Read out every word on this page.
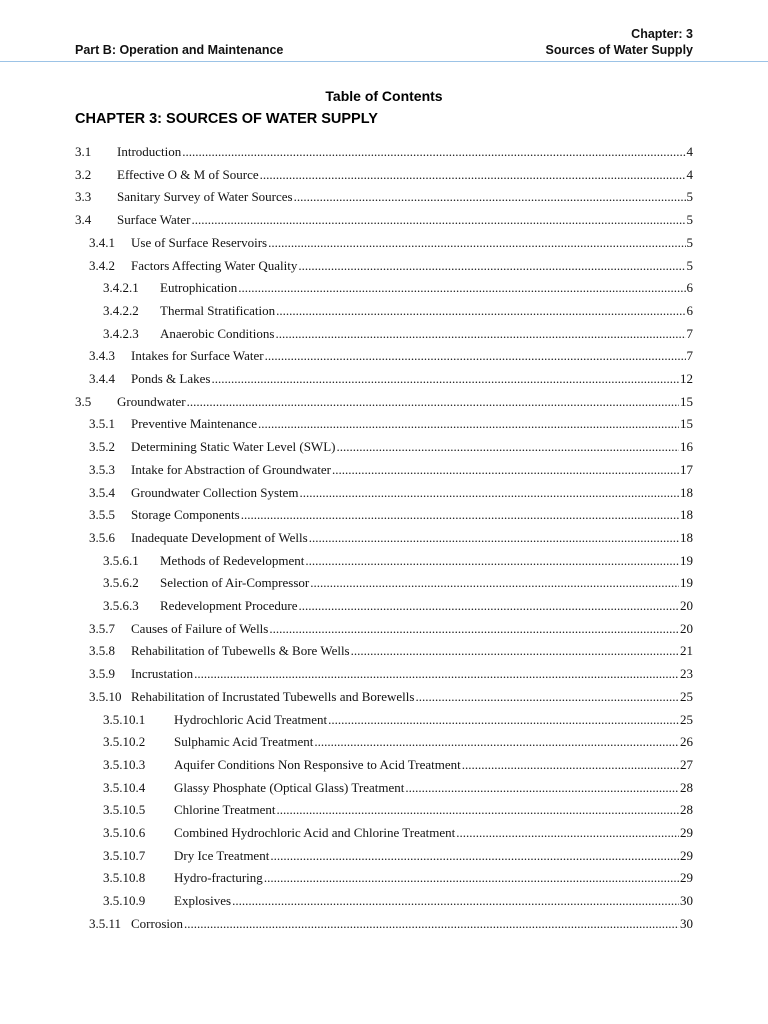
Part B: Operation and Maintenance
Chapter: 3
Sources of Water Supply
Table of Contents
CHAPTER 3: SOURCES OF WATER SUPPLY
3.1 Introduction .....	4
3.2 Effective O & M of Source .....	4
3.3 Sanitary Survey of Water Sources .....	5
3.4 Surface Water .....	5
3.4.1 Use of Surface Reservoirs .....	5
3.4.2 Factors Affecting Water Quality .....	5
3.4.2.1 Eutrophication .....	6
3.4.2.2 Thermal Stratification .....	6
3.4.2.3 Anaerobic Conditions .....	7
3.4.3 Intakes for Surface Water .....	7
3.4.4 Ponds & Lakes .....	12
3.5 Groundwater .....	15
3.5.1 Preventive Maintenance .....	15
3.5.2 Determining Static Water Level (SWL) .....	16
3.5.3 Intake for Abstraction of Groundwater .....	17
3.5.4 Groundwater Collection System .....	18
3.5.5 Storage Components .....	18
3.5.6 Inadequate Development of Wells .....	18
3.5.6.1 Methods of Redevelopment .....	19
3.5.6.2 Selection of Air-Compressor .....	19
3.5.6.3 Redevelopment Procedure .....	20
3.5.7 Causes of Failure of Wells .....	20
3.5.8 Rehabilitation of Tubewells & Bore Wells .....	21
3.5.9 Incrustation .....	23
3.5.10 Rehabilitation of Incrustated Tubewells and Borewells .....	25
3.5.10.1 Hydrochloric Acid Treatment .....	25
3.5.10.2 Sulphamic Acid Treatment .....	26
3.5.10.3 Aquifer Conditions Non Responsive to Acid Treatment .....	27
3.5.10.4 Glassy Phosphate (Optical Glass) Treatment .....	28
3.5.10.5 Chlorine Treatment .....	28
3.5.10.6 Combined Hydrochloric Acid and Chlorine Treatment .....	29
3.5.10.7 Dry Ice Treatment .....	29
3.5.10.8 Hydro-fracturing .....	29
3.5.10.9 Explosives .....	30
3.5.11 Corrosion .....	30
